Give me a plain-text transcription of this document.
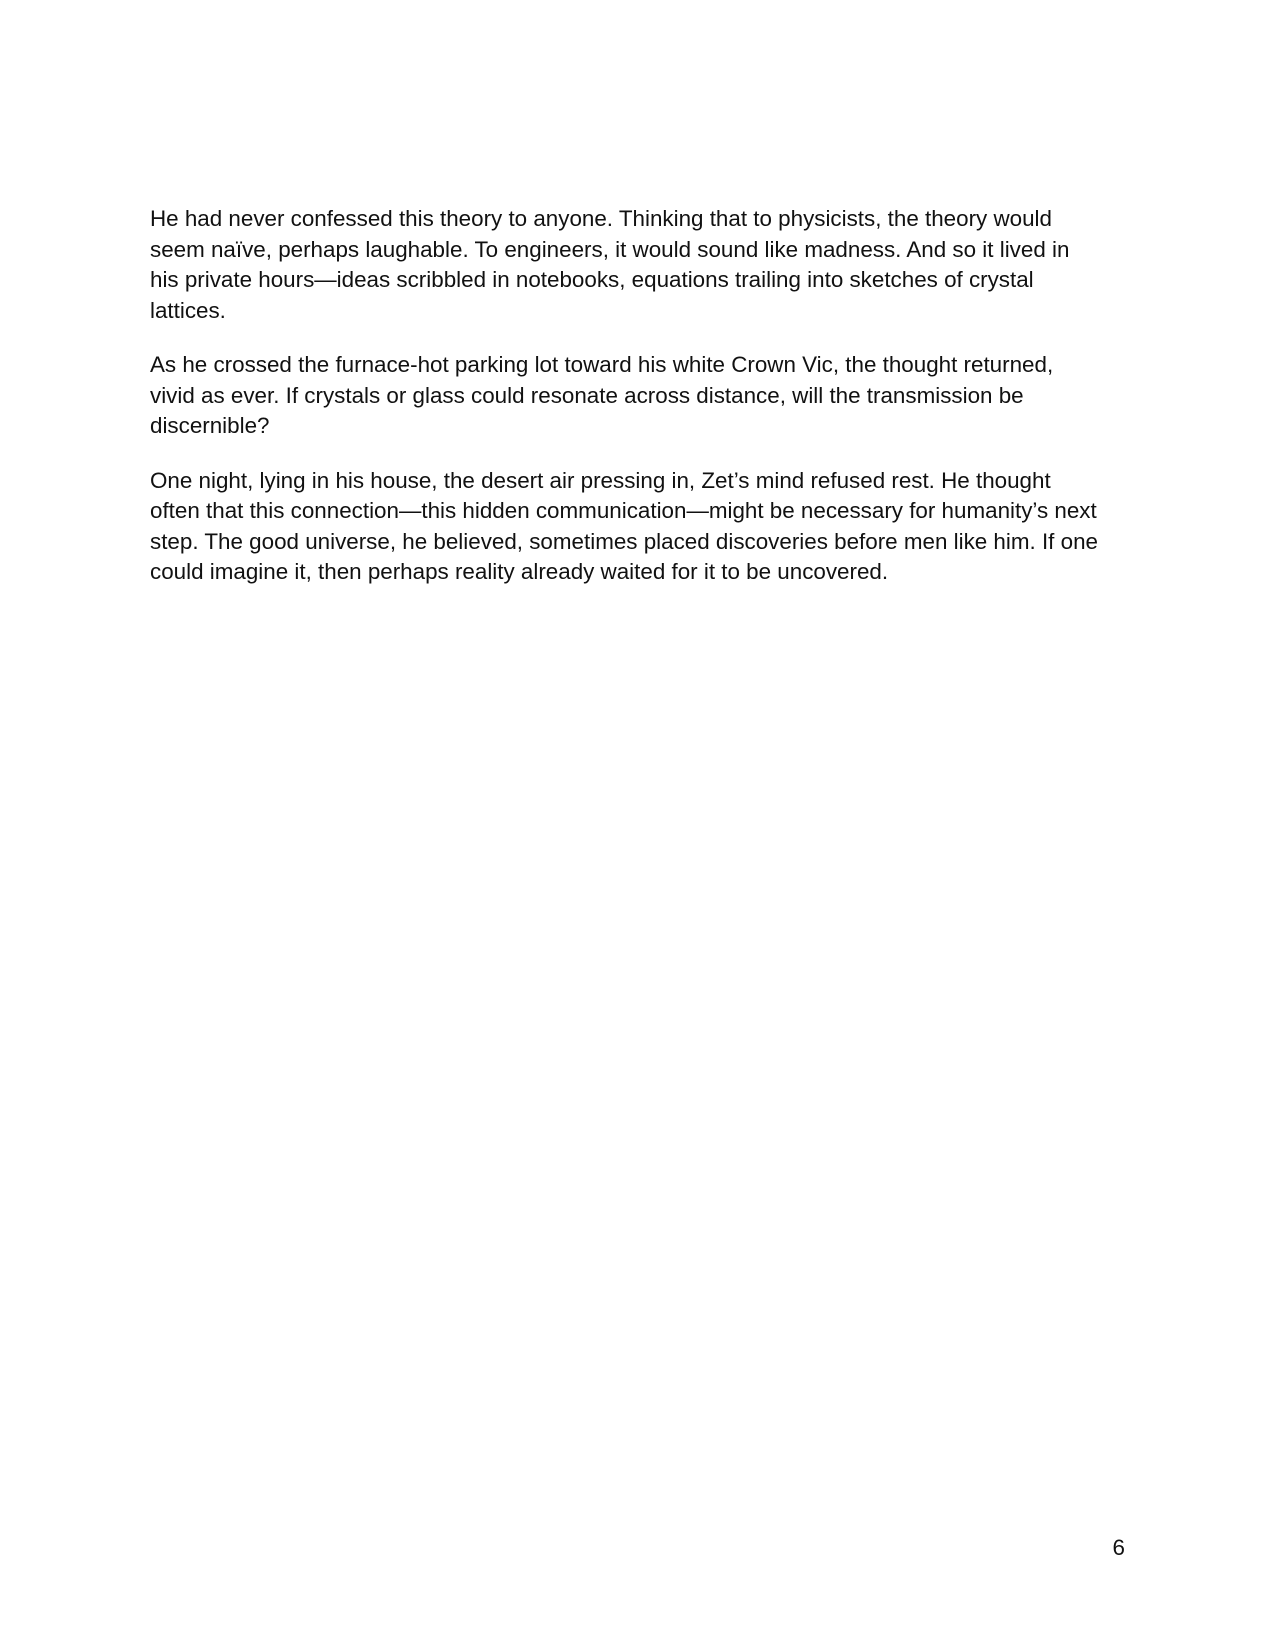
He had never confessed this theory to anyone. Thinking that to physicists, the theory would
seem naïve, perhaps laughable. To engineers, it would sound like madness. And so it lived in
his private hours—ideas scribbled in notebooks, equations trailing into sketches of crystal
lattices.

As he crossed the furnace-hot parking lot toward his white Crown Vic, the thought returned,
vivid as ever. If crystals or glass could resonate across distance, will the transmission be
discernible?

One night, lying in his house, the desert air pressing in, Zet’s mind refused rest. He thought
often that this connection—this hidden communication—might be necessary for humanity’s next
step. The good universe, he believed, sometimes placed discoveries before men like him. If one
could imagine it, then perhaps reality already waited for it to be uncovered.

6
